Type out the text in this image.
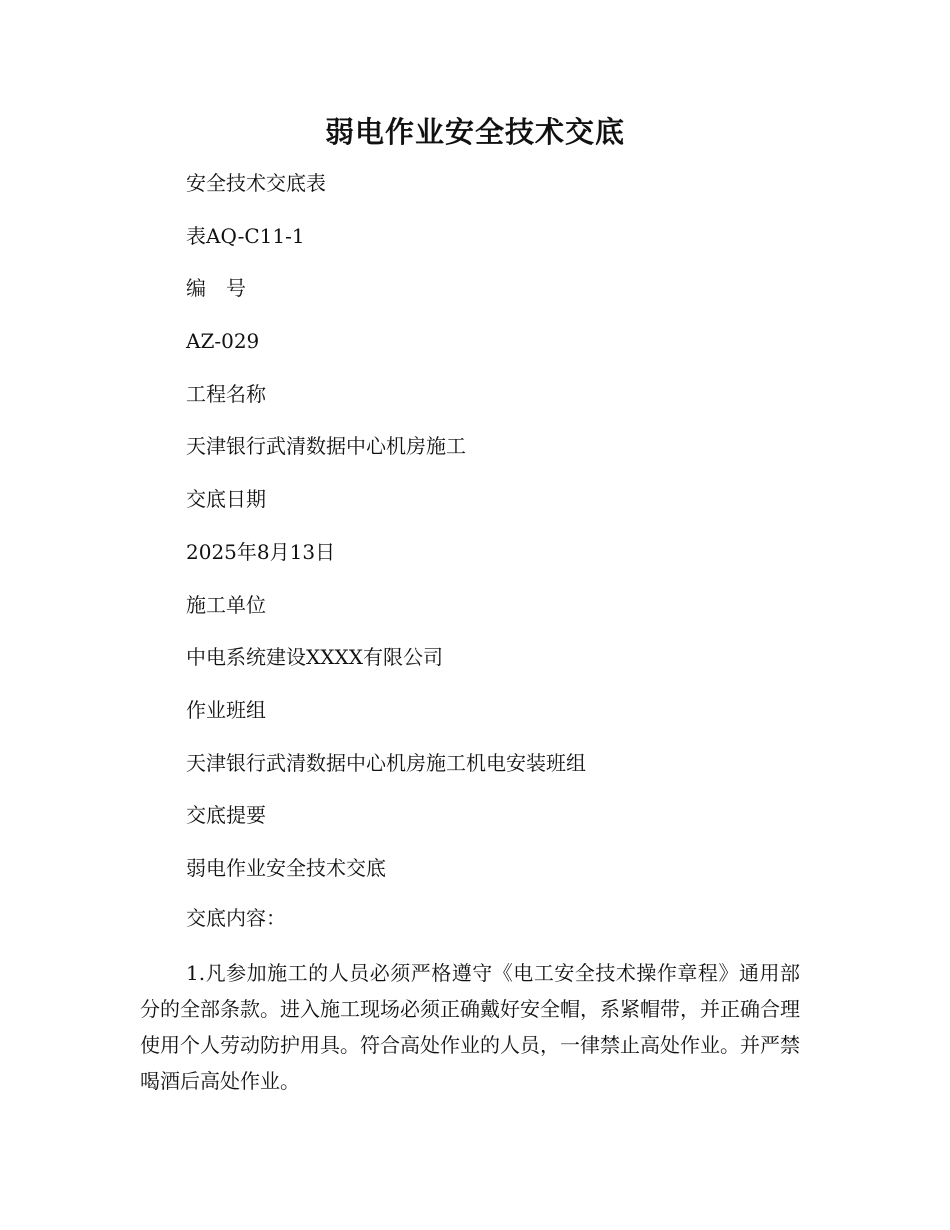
弱电作业安全技术交底
安全技术交底表
表AQ-C11-1
编　号
AZ-029
工程名称
天津银行武清数据中心机房施工
交底日期
2025年8月13日
施工单位
中电系统建设XXXX有限公司
作业班组
天津银行武清数据中心机房施工机电安装班组
交底提要
弱电作业安全技术交底

交底内容：

1.凡参加施工的人员必须严格遵守《电工安全技术操作章程》通用部分的全部条款。进入施工现场必须正确戴好安全帽，系紧帽带，并正确合理使用个人劳动防护用具。符合高处作业的人员，一律禁止高处作业。并严禁喝酒后高处作业。
